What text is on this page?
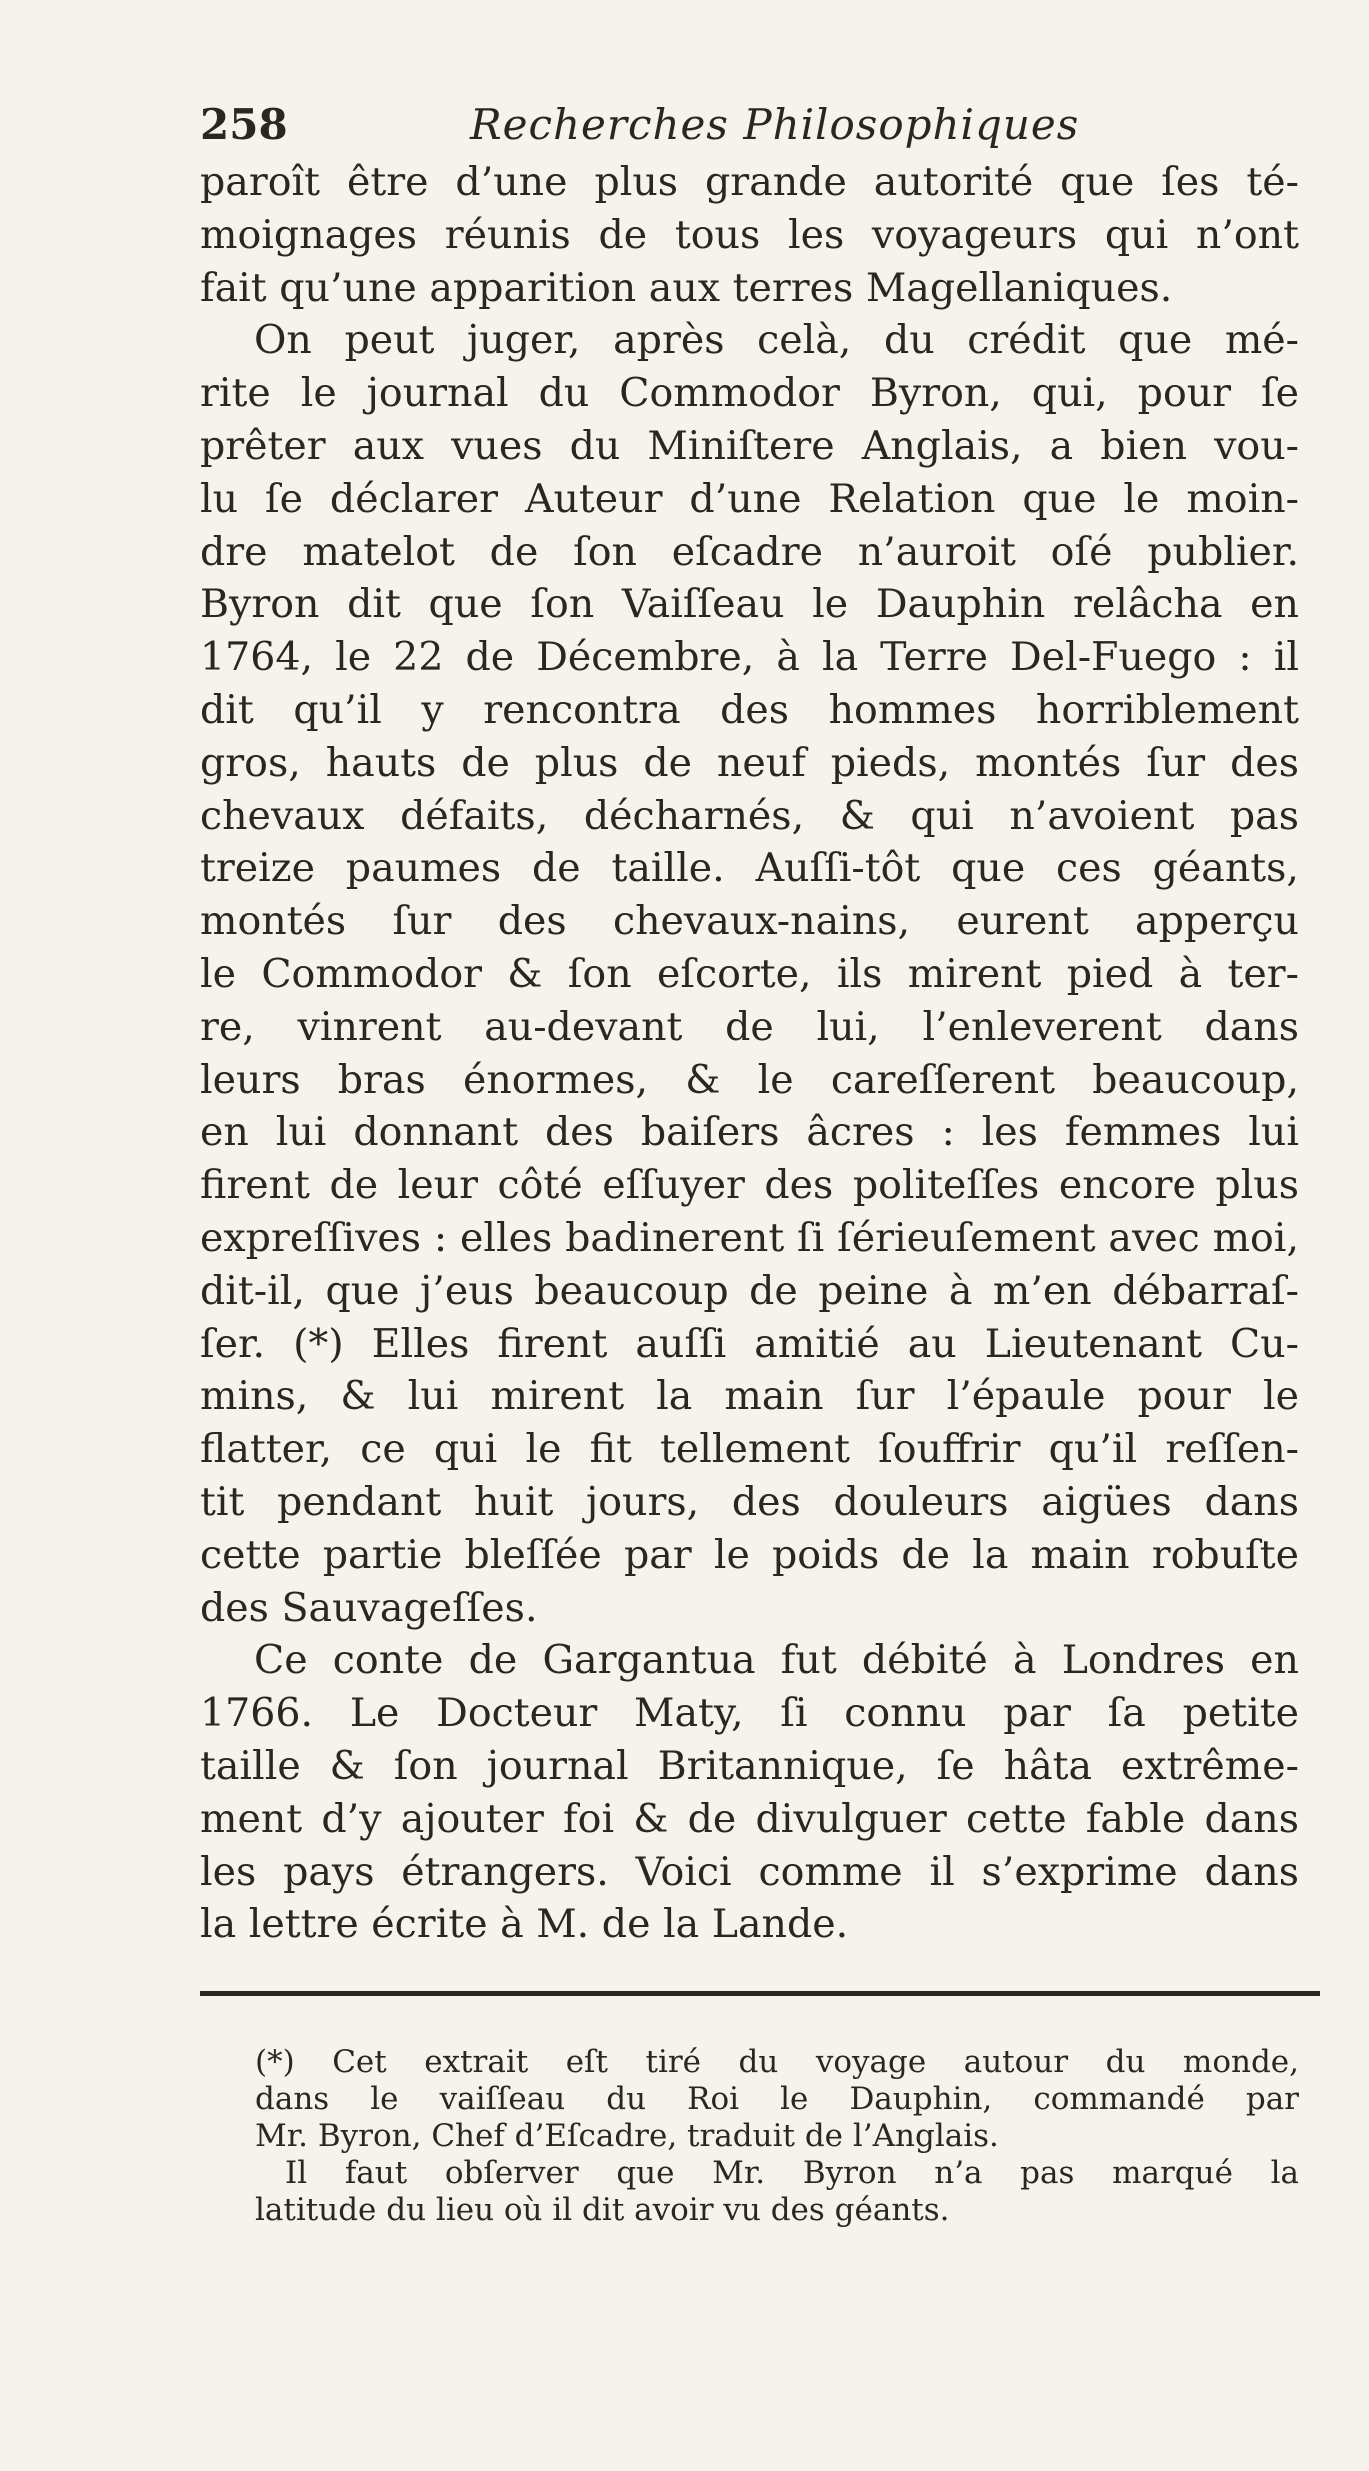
258	Recherches Philosophiques
paroît être d’une plus grande autorité que ſes té-
moignages réunis de tous les voyageurs qui n’ont
fait qu’une apparition aux terres Magellaniques.
On peut juger, après celà, du crédit que mé-
rite le journal du Commodor Byron, qui, pour ſe
prêter aux vues du Miniſtere Anglais, a bien vou-
lu ſe déclarer Auteur d’une Relation que le moin-
dre matelot de ſon eſcadre n’auroit oſé publier.
Byron dit que ſon Vaiſſeau le Dauphin relâcha en
1764, le 22 de Décembre, à la Terre Del-Fuego : il
dit qu’il y rencontra des hommes horriblement
gros, hauts de plus de neuf pieds, montés ſur des
chevaux défaits, décharnés, & qui n’avoient pas
treize paumes de taille. Auſſi-tôt que ces géants,
montés ſur des chevaux-nains, eurent apperçu
le Commodor & ſon eſcorte, ils mirent pied à ter-
re, vinrent au-devant de lui, l’enleverent dans
leurs bras énormes, & le careſſerent beaucoup,
en lui donnant des baiſers âcres : les femmes lui
firent de leur côté eſſuyer des politeſſes encore plus
expreſſives : elles badinerent ſi ſérieuſement avec moi,
dit-il, que j’eus beaucoup de peine à m’en débarraſ-
ſer. (*) Elles firent auſſi amitié au Lieutenant Cu-
mins, & lui mirent la main ſur l’épaule pour le
flatter, ce qui le fit tellement ſouffrir qu’il reſſen-
tit pendant huit jours, des douleurs aigües dans
cette partie bleſſée par le poids de la main robuſte
des Sauvageſſes.
Ce conte de Gargantua fut débité à Londres en
1766. Le Docteur Maty, ſi connu par ſa petite
taille & ſon journal Britannique, ſe hâta extrême-
ment d’y ajouter foi & de divulguer cette fable dans
les pays étrangers. Voici comme il s’exprime dans
la lettre écrite à M. de la Lande.
(*) Cet extrait eſt tiré du voyage autour du monde,
dans le vaiſſeau du Roi le Dauphin, commandé par
Mr. Byron, Chef d’Eſcadre, traduit de l’Anglais.
Il faut obſerver que Mr. Byron n’a pas marqué la
latitude du lieu où il dit avoir vu des géants.
